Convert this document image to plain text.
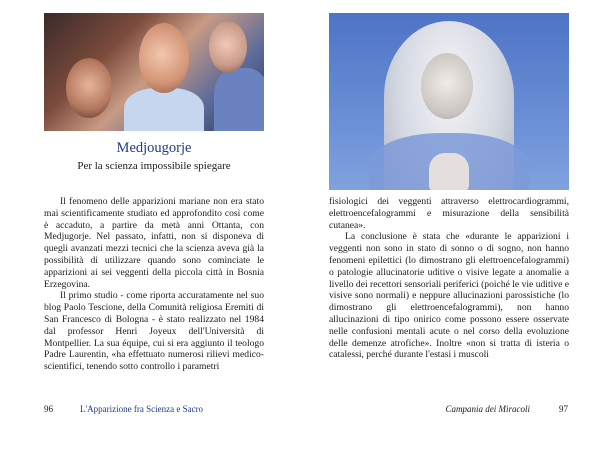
Medjougorje
Per la scienza impossibile spiegare

Il fenomeno delle apparizioni mariane non era stato mai scientificamente studiato ed approfondito così come è accaduto, a partire da metà anni Ottanta, con Medjugorje. Nel passato, infatti, non si disponeva di quegli avanzati mezzi tecnici che la scienza aveva già la possibilità di utilizzare quando sono cominciate le apparizioni ai sei veggenti della piccola città in Bosnia Erzegovina.

Il primo studio - come riporta accuratamente nel suo blog Paolo Tescione, della Comunità religiosa Eremiti di San Francesco di Bologna - è stato realizzato nel 1984 dal professor Henri Joyeux dell'Università di Montpellier. La sua équipe, cui si era aggiunto il teologo Padre Laurentin, «ha effettuato numerosi rilievi medico-scientifici, tenendo sotto controllo i parametri

96	L'Apparizione fra Scienza e Sacro

fisiologici dei veggenti attraverso elettrocardiogrammi, elettroencefalogrammi e misurazione della sensibilità cutanea».

La conclusione è stata che «durante le apparizioni i veggenti non sono in stato di sonno o di sogno, non hanno fenomeni epilettici (lo dimostrano gli elettroencefalogrammi) o patologie allucinatorie uditive o visive legate a anomalie a livello dei recettori sensoriali periferici (poiché le vie uditive e visive sono normali) e neppure allucinazioni parossistiche (lo dimostrano gli elettroencefalogrammi), non hanno allucinazioni di tipo onirico come possono essere osservate nelle confusioni mentali acute o nel corso della evoluzione delle demenze atrofiche». Inoltre «non si tratta di isteria o catalessi, perché durante l'estasi i muscoli

Campania dei Miracoli	97
